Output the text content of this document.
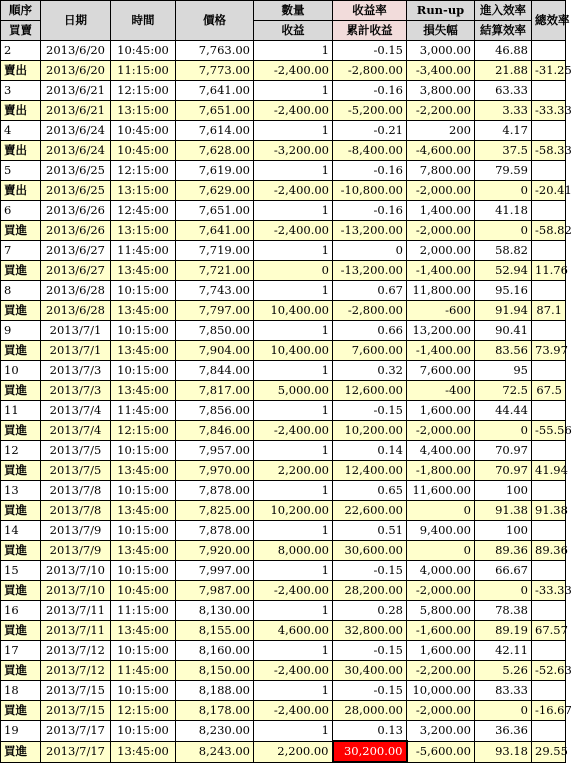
順序	日期	時間	價格	數量	收益率	Run-up	進入效率	總效率
買賣				收益	累計收益	損失幅	結算效率	
2	2013/6/20	10:45:00	7,763.00	1	-0.15	3,000.00	46.88	
賣出	2013/6/20	11:15:00	7,773.00	-2,400.00	-2,800.00	-3,400.00	21.88	-31.25
3	2013/6/21	12:15:00	7,641.00	1	-0.16	3,800.00	63.33	
賣出	2013/6/21	13:15:00	7,651.00	-2,400.00	-5,200.00	-2,200.00	3.33	-33.33
4	2013/6/24	10:45:00	7,614.00	1	-0.21	200	4.17	
賣出	2013/6/24	10:45:00	7,628.00	-3,200.00	-8,400.00	-4,600.00	37.5	-58.33
5	2013/6/25	12:15:00	7,619.00	1	-0.16	7,800.00	79.59	
賣出	2013/6/25	13:15:00	7,629.00	-2,400.00	-10,800.00	-2,000.00	0	-20.41
6	2013/6/26	12:45:00	7,651.00	1	-0.16	1,400.00	41.18	
買進	2013/6/26	13:15:00	7,641.00	-2,400.00	-13,200.00	-2,000.00	0	-58.82
7	2013/6/27	11:45:00	7,719.00	1	0	2,000.00	58.82	
買進	2013/6/27	13:45:00	7,721.00	0	-13,200.00	-1,400.00	52.94	11.76
8	2013/6/28	10:15:00	7,743.00	1	0.67	11,800.00	95.16	
買進	2013/6/28	13:45:00	7,797.00	10,400.00	-2,800.00	-600	91.94	87.1
9	2013/7/1	10:15:00	7,850.00	1	0.66	13,200.00	90.41	
買進	2013/7/1	13:45:00	7,904.00	10,400.00	7,600.00	-1,400.00	83.56	73.97
10	2013/7/3	10:15:00	7,844.00	1	0.32	7,600.00	95	
買進	2013/7/3	13:45:00	7,817.00	5,000.00	12,600.00	-400	72.5	67.5
11	2013/7/4	11:45:00	7,856.00	1	-0.15	1,600.00	44.44	
買進	2013/7/4	12:15:00	7,846.00	-2,400.00	10,200.00	-2,000.00	0	-55.56
12	2013/7/5	10:15:00	7,957.00	1	0.14	4,400.00	70.97	
買進	2013/7/5	13:45:00	7,970.00	2,200.00	12,400.00	-1,800.00	70.97	41.94
13	2013/7/8	10:15:00	7,878.00	1	0.65	11,600.00	100	
買進	2013/7/8	13:45:00	7,825.00	10,200.00	22,600.00	0	91.38	91.38
14	2013/7/9	10:15:00	7,878.00	1	0.51	9,400.00	100	
買進	2013/7/9	13:45:00	7,920.00	8,000.00	30,600.00	0	89.36	89.36
15	2013/7/10	10:15:00	7,997.00	1	-0.15	4,000.00	66.67	
買進	2013/7/10	10:45:00	7,987.00	-2,400.00	28,200.00	-2,000.00	0	-33.33
16	2013/7/11	11:15:00	8,130.00	1	0.28	5,800.00	78.38	
買進	2013/7/11	13:45:00	8,155.00	4,600.00	32,800.00	-1,600.00	89.19	67.57
17	2013/7/12	10:15:00	8,160.00	1	-0.15	1,600.00	42.11	
買進	2013/7/12	11:45:00	8,150.00	-2,400.00	30,400.00	-2,200.00	5.26	-52.63
18	2013/7/15	10:15:00	8,188.00	1	-0.15	10,000.00	83.33	
買進	2013/7/15	12:15:00	8,178.00	-2,400.00	28,000.00	-2,000.00	0	-16.67
19	2013/7/17	10:15:00	8,230.00	1	0.13	3,200.00	36.36	
買進	2013/7/17	13:45:00	8,243.00	2,200.00	30,200.00	-5,600.00	93.18	29.55
